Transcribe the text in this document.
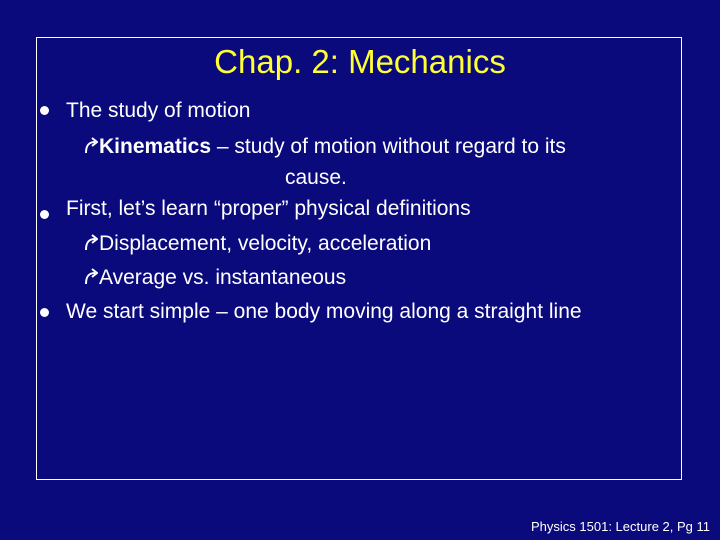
Chap. 2: Mechanics
The study of motion
Kinematics – study of motion without regard to its
cause.
First, let’s learn “proper” physical definitions
Displacement, velocity, acceleration
Average vs. instantaneous
We start simple – one body moving along a straight line
Physics 1501: Lecture 2, Pg 11
